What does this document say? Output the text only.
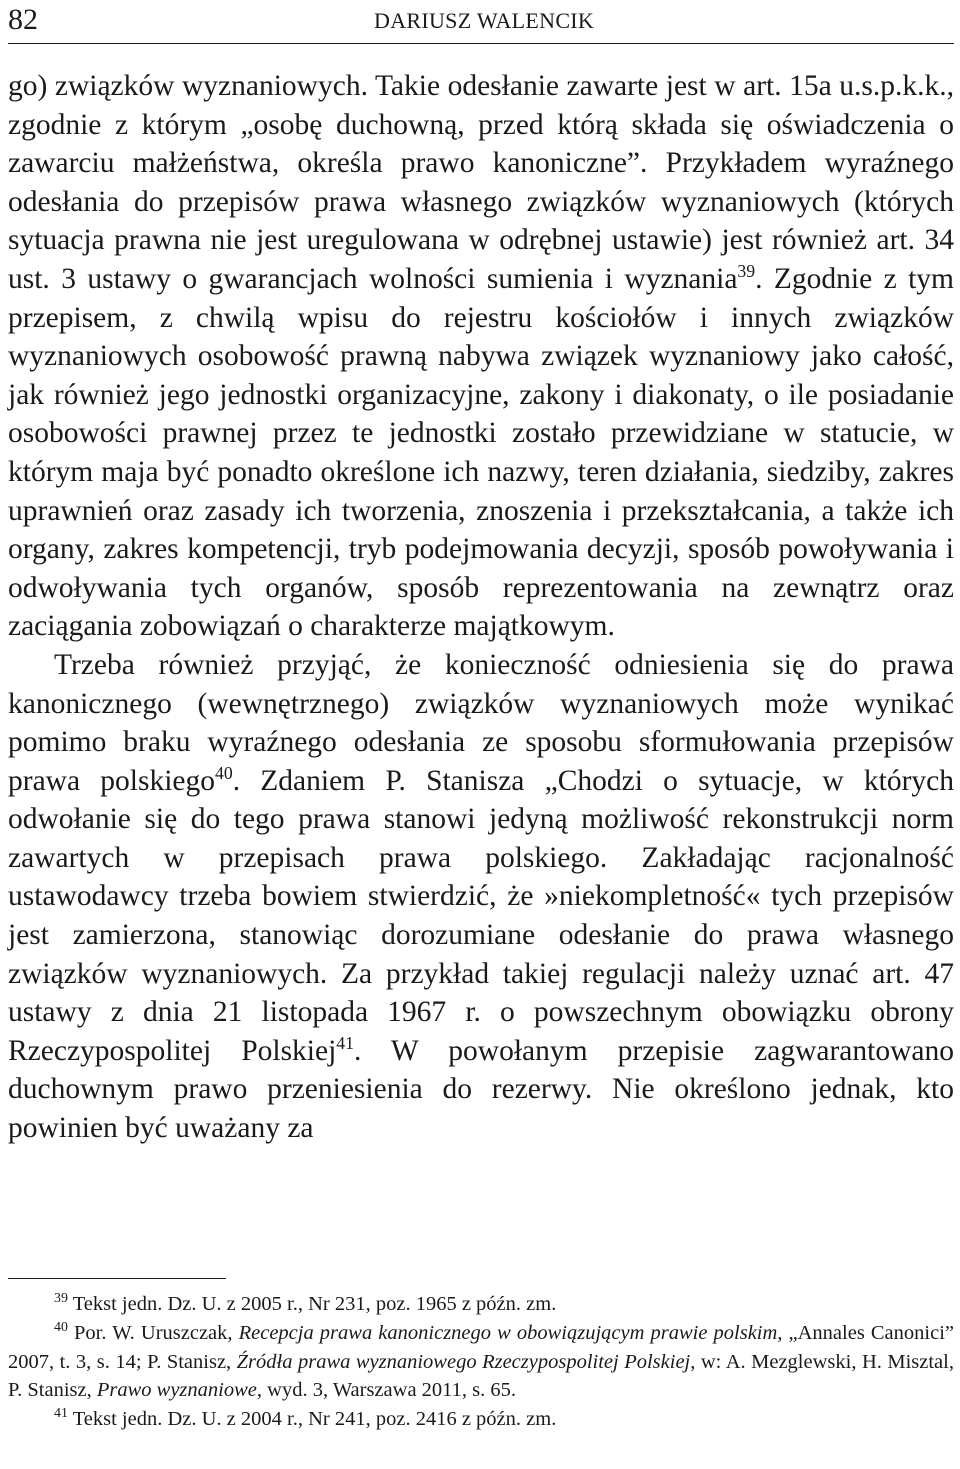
82	DARIUSZ WALENCIK

go) związków wyznaniowych. Takie odesłanie zawarte jest w art. 15a u.s.p.k.k., zgodnie z którym „osobę duchowną, przed którą składa się oświadczenia o zawarciu małżeństwa, określa prawo kanoniczne”. Przykładem wyraźnego odesłania do przepisów prawa własnego związków wyznaniowych (których sytuacja prawna nie jest uregulowana w odrębnej ustawie) jest również art. 34 ust. 3 ustawy o gwarancjach wolności sumienia i wyznania$^{39}$. Zgodnie z tym przepisem, z chwilą wpisu do rejestru kościołów i innych związków wyznaniowych osobowość prawną nabywa związek wyznaniowy jako całość, jak również jego jednostki organizacyjne, zakony i diakonaty, o ile posiadanie osobowości prawnej przez te jednostki zostało przewidziane w statucie, w którym maja być ponadto określone ich nazwy, teren działania, siedziby, zakres uprawnień oraz zasady ich tworzenia, znoszenia i przekształcania, a także ich organy, zakres kompetencji, tryb podejmowania decyzji, sposób powoływania i odwoływania tych organów, sposób reprezentowania na zewnątrz oraz zaciągania zobowiązań o charakterze majątkowym.

Trzeba również przyjąć, że konieczność odniesienia się do prawa kanonicznego (wewnętrznego) związków wyznaniowych może wynikać pomimo braku wyraźnego odesłania ze sposobu sformułowania przepisów prawa polskiego$^{40}$. Zdaniem P. Stanisza „Chodzi o sytuacje, w których odwołanie się do tego prawa stanowi jedyną możliwość rekonstrukcji norm zawartych w przepisach prawa polskiego. Zakładając racjonalność ustawodawcy trzeba bowiem stwierdzić, że »niekompletność« tych przepisów jest zamierzona, stanowiąc dorozumiane odesłanie do prawa własnego związków wyznaniowych. Za przykład takiej regulacji należy uznać art. 47 ustawy z dnia 21 listopada 1967 r. o powszechnym obowiązku obrony Rzeczypospolitej Polskiej$^{41}$. W powołanym przepisie zagwarantowano duchownym prawo przeniesienia do rezerwy. Nie określono jednak, kto powinien być uważany za

$^{39}$ Tekst jedn. Dz. U. z 2005 r., Nr 231, poz. 1965 z późn. zm.

$^{40}$ Por. W. Uruszczak, Recepcja prawa kanonicznego w obowiązującym prawie polskim, „Annales Canonici” 2007, t. 3, s. 14; P. Stanisz, Źródła prawa wyznaniowego Rzeczypospolitej Polskiej, w: A. Mezglewski, H. Misztal, P. Stanisz, Prawo wyznaniowe, wyd. 3, Warszawa 2011, s. 65.

$^{41}$ Tekst jedn. Dz. U. z 2004 r., Nr 241, poz. 2416 z późn. zm.
